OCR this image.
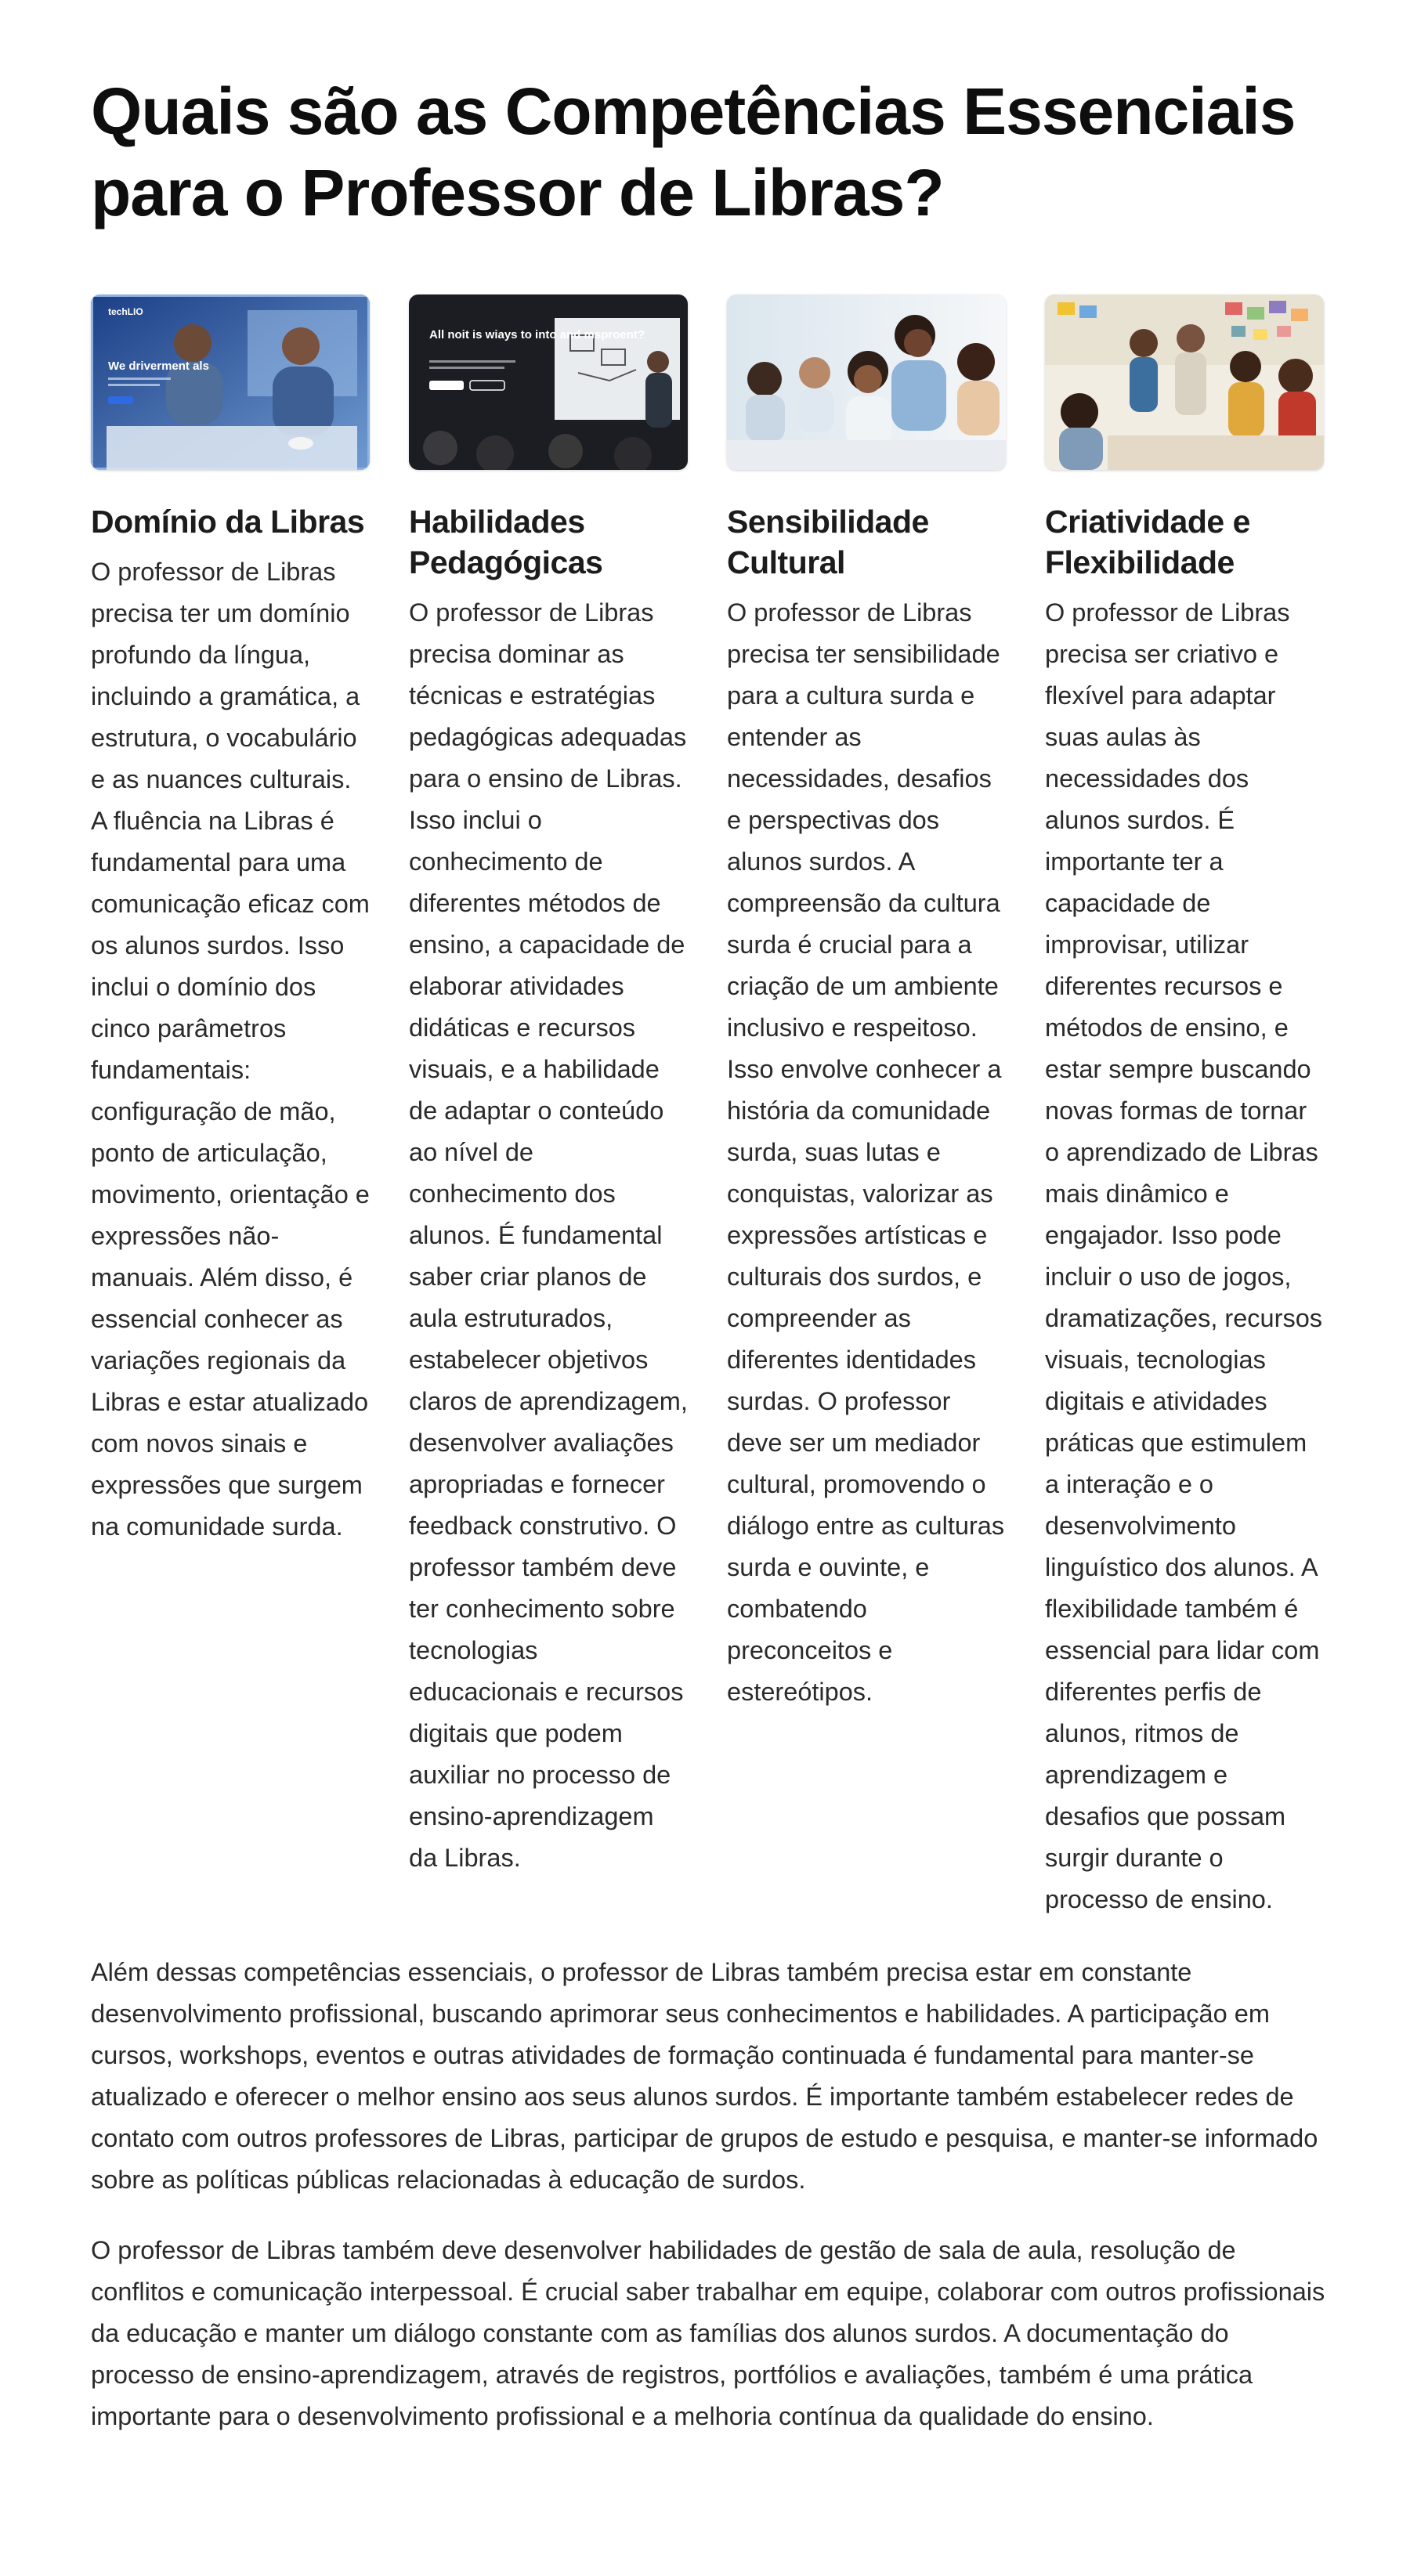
Quais são as Competências Essenciais para o Professor de Libras?
techLIO
We driverment als
Domínio da Libras

O professor de Libras precisa ter um domínio profundo da língua, incluindo a gramática, a estrutura, o vocabulário e as nuances culturais. A fluência na Libras é fundamental para uma comunicação eficaz com os alunos surdos. Isso inclui o domínio dos cinco parâmetros fundamentais: configuração de mão, ponto de articulação, movimento, orientação e expressões não-manuais. Além disso, é essencial conhecer as variações regionais da Libras e estar atualizado com novos sinais e expressões que surgem na comunidade surda.

All noit is wiays to into and msproent?
Habilidades Pedagógicas

O professor de Libras precisa dominar as técnicas e estratégias pedagógicas adequadas para o ensino de Libras. Isso inclui o conhecimento de diferentes métodos de ensino, a capacidade de elaborar atividades didáticas e recursos visuais, e a habilidade de adaptar o conteúdo ao nível de conhecimento dos alunos. É fundamental saber criar planos de aula estruturados, estabelecer objetivos claros de aprendizagem, desenvolver avaliações apropriadas e fornecer feedback construtivo. O professor também deve ter conhecimento sobre tecnologias educacionais e recursos digitais que podem auxiliar no processo de ensino-aprendizagem da Libras.

Sensibilidade Cultural

O professor de Libras precisa ter sensibilidade para a cultura surda e entender as necessidades, desafios e perspectivas dos alunos surdos. A compreensão da cultura surda é crucial para a criação de um ambiente inclusivo e respeitoso. Isso envolve conhecer a história da comunidade surda, suas lutas e conquistas, valorizar as expressões artísticas e culturais dos surdos, e compreender as diferentes identidades surdas. O professor deve ser um mediador cultural, promovendo o diálogo entre as culturas surda e ouvinte, e combatendo preconceitos e estereótipos.

Criatividade e Flexibilidade

O professor de Libras precisa ser criativo e flexível para adaptar suas aulas às necessidades dos alunos surdos. É importante ter a capacidade de improvisar, utilizar diferentes recursos e métodos de ensino, e estar sempre buscando novas formas de tornar o aprendizado de Libras mais dinâmico e engajador. Isso pode incluir o uso de jogos, dramatizações, recursos visuais, tecnologias digitais e atividades práticas que estimulem a interação e o desenvolvimento linguístico dos alunos. A flexibilidade também é essencial para lidar com diferentes perfis de alunos, ritmos de aprendizagem e desafios que possam surgir durante o processo de ensino.

Além dessas competências essenciais, o professor de Libras também precisa estar em constante desenvolvimento profissional, buscando aprimorar seus conhecimentos e habilidades. A participação em cursos, workshops, eventos e outras atividades de formação continuada é fundamental para manter-se atualizado e oferecer o melhor ensino aos seus alunos surdos. É importante também estabelecer redes de contato com outros professores de Libras, participar de grupos de estudo e pesquisa, e manter-se informado sobre as políticas públicas relacionadas à educação de surdos.

O professor de Libras também deve desenvolver habilidades de gestão de sala de aula, resolução de conflitos e comunicação interpessoal. É crucial saber trabalhar em equipe, colaborar com outros profissionais da educação e manter um diálogo constante com as famílias dos alunos surdos. A documentação do processo de ensino-aprendizagem, através de registros, portfólios e avaliações, também é uma prática importante para o desenvolvimento profissional e a melhoria contínua da qualidade do ensino.
